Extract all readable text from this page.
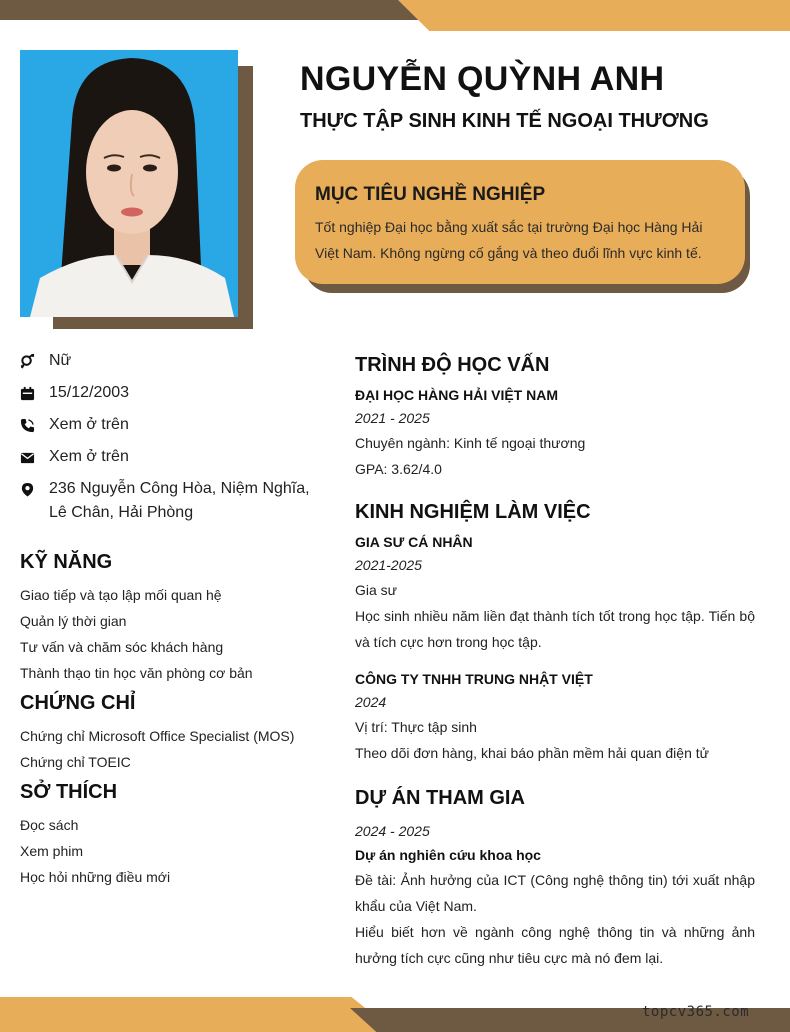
topcv365.com
NGUYỄN QUỲNH ANH
THỰC TẬP SINH KINH TẾ NGOẠI THƯƠNG
MỤC TIÊU NGHỀ NGHIỆP

Tốt nghiệp Đại học bằng xuất sắc tại trường Đại học Hàng Hải Việt Nam. Không ngừng cố gắng và theo đuổi lĩnh vực kinh tế.

Nữ
15/12/2003
Xem ở trên
Xem ở trên
236 Nguyễn Công Hòa, Niệm Nghĩa, Lê Chân, Hải Phòng
KỸ NĂNG
Giao tiếp và tạo lập mối quan hệ
Quản lý thời gian
Tư vấn và chăm sóc khách hàng
Thành thạo tin học văn phòng cơ bản
CHỨNG CHỈ
Chứng chỉ Microsoft Office Specialist (MOS)
Chứng chỉ TOEIC
SỞ THÍCH
Đọc sách
Xem phim
Học hỏi những điều mới
TRÌNH ĐỘ HỌC VẤN

ĐẠI HỌC HÀNG HẢI VIỆT NAM

2021 - 2025

Chuyên ngành: Kinh tế ngoại thương

GPA: 3.62/4.0

KINH NGHIỆM LÀM VIỆC

GIA SƯ CÁ NHÂN

2021-2025

Gia sư

Học sinh nhiều năm liền đạt thành tích tốt trong học tập. Tiến bộ và tích cực hơn trong học tập.

CÔNG TY TNHH TRUNG NHẬT VIỆT

2024

Vị trí: Thực tập sinh

Theo dõi đơn hàng, khai báo phần mềm hải quan điện tử

DỰ ÁN THAM GIA

2024 - 2025

Dự án nghiên cứu khoa học

Đề tài: Ảnh hưởng của ICT (Công nghệ thông tin) tới xuất nhập khẩu của Việt Nam.

Hiểu biết hơn về ngành công nghệ thông tin và những ảnh hưởng tích cực cũng như tiêu cực mà nó đem lại.
